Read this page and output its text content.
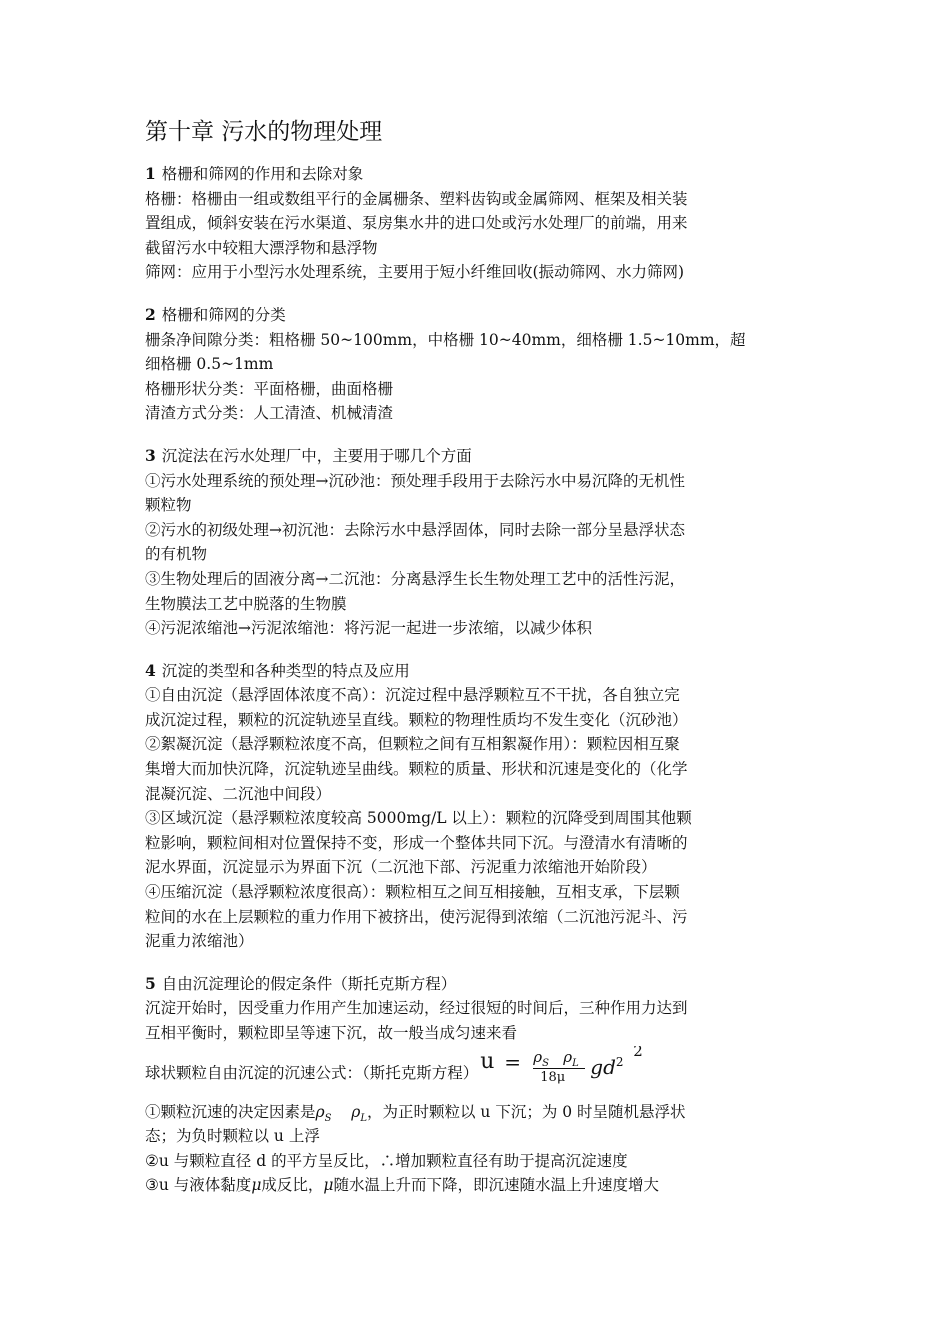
第十章 污水的物理处理
1 格栅和筛网的作用和去除对象
格栅：格栅由一组或数组平行的金属栅条、塑料齿钩或金属筛网、框架及相关装
置组成，倾斜安装在污水渠道、泵房集水井的进口处或污水处理厂的前端，用来
截留污水中较粗大漂浮物和悬浮物
筛网：应用于小型污水处理系统，主要用于短小纤维回收(振动筛网、水力筛网)
2 格栅和筛网的分类
栅条净间隙分类：粗格栅 50~100mm，中格栅 10~40mm，细格栅 1.5~10mm，超
细格栅 0.5~1mm
格栅形状分类：平面格栅，曲面格栅
清渣方式分类：人工清渣、机械清渣
3 沉淀法在污水处理厂中，主要用于哪几个方面
①污水处理系统的预处理→沉砂池：预处理手段用于去除污水中易沉降的无机性
颗粒物
②污水的初级处理→初沉池：去除污水中悬浮固体，同时去除一部分呈悬浮状态
的有机物
③生物处理后的固液分离→二沉池：分离悬浮生长生物处理工艺中的活性污泥，
生物膜法工艺中脱落的生物膜
④污泥浓缩池→污泥浓缩池：将污泥一起进一步浓缩，以减少体积
4 沉淀的类型和各种类型的特点及应用
①自由沉淀（悬浮固体浓度不高）：沉淀过程中悬浮颗粒互不干扰，各自独立完
成沉淀过程，颗粒的沉淀轨迹呈直线。颗粒的物理性质均不发生变化（沉砂池）
②絮凝沉淀（悬浮颗粒浓度不高，但颗粒之间有互相絮凝作用）：颗粒因相互聚
集增大而加快沉降，沉淀轨迹呈曲线。颗粒的质量、形状和沉速是变化的（化学
混凝沉淀、二沉池中间段）
③区域沉淀（悬浮颗粒浓度较高 5000mg/L 以上）：颗粒的沉降受到周围其他颗
粒影响，颗粒间相对位置保持不变，形成一个整体共同下沉。与澄清水有清晰的
泥水界面，沉淀显示为界面下沉（二沉池下部、污泥重力浓缩池开始阶段）
④压缩沉淀（悬浮颗粒浓度很高）：颗粒相互之间互相接触，互相支承，下层颗
粒间的水在上层颗粒的重力作用下被挤出，使污泥得到浓缩（二沉池污泥斗、污
泥重力浓缩池）
5 自由沉淀理论的假定条件（斯托克斯方程）
沉淀开始时，因受重力作用产生加速运动，经过很短的时间后，三种作用力达到
互相平衡时，颗粒即呈等速下沉，故一般当成匀速来看
球状颗粒自由沉淀的沉速公式：（斯托克斯方程） $u = \rho_S$ $\rho_L$
18μ $gd^2$
2
①颗粒沉速的决定因素是$\rho_S$ $\rho_L$，为正时颗粒以 u 下沉；为 0 时呈随机悬浮状
态；为负时颗粒以 u 上浮
②u 与颗粒直径 d 的平方呈反比，∴增加颗粒直径有助于提高沉淀速度
③u 与液体黏度μ成反比，μ随水温上升而下降，即沉速随水温上升速度增大
